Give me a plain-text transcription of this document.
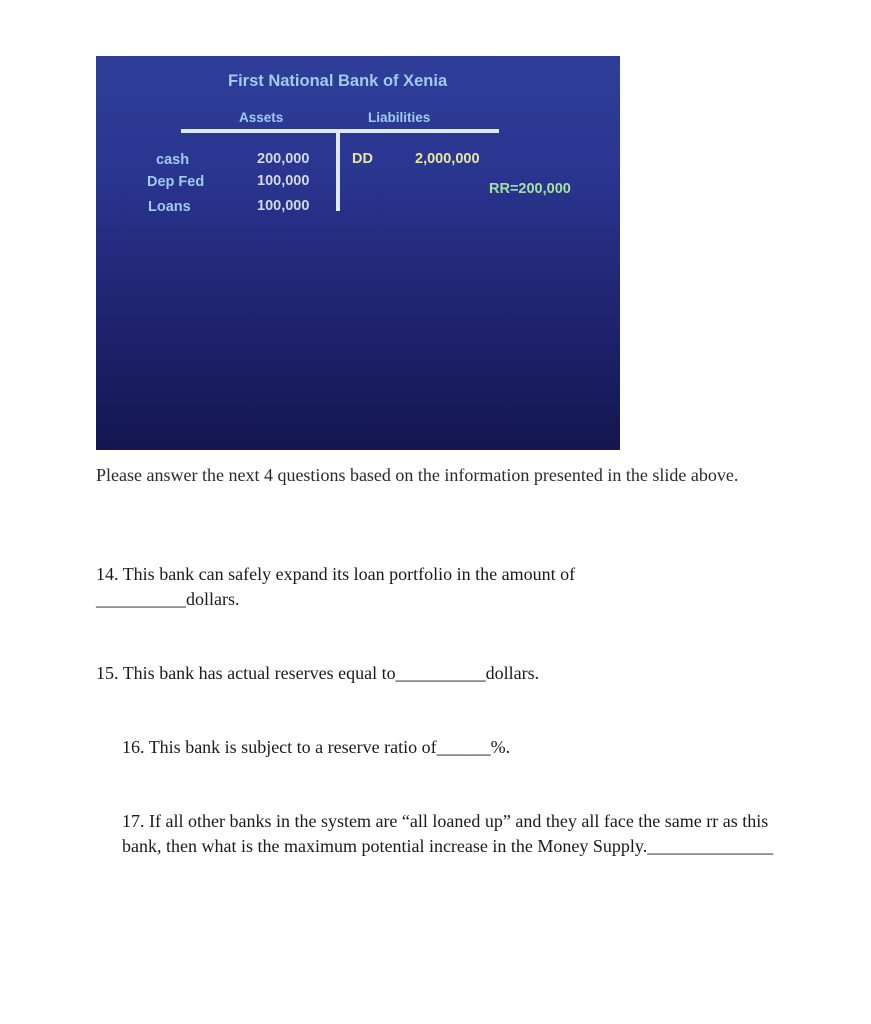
First National Bank of Xenia
Assets	Liabilities
cash
Dep Fed
Loans
200,000
100,000
100,000
DD	2,000,000
RR=200,000
Please answer the next 4 questions based on the information presented in the slide above.
14. This bank can safely expand its loan portfolio in the amount of
__________dollars.
15. This bank has actual reserves equal to__________dollars.
16. This bank is subject to a reserve ratio of______%.
17. If all other banks in the system are “all loaned up” and they all face the same rr as this bank, then what is the maximum potential increase in the Money Supply.______________
